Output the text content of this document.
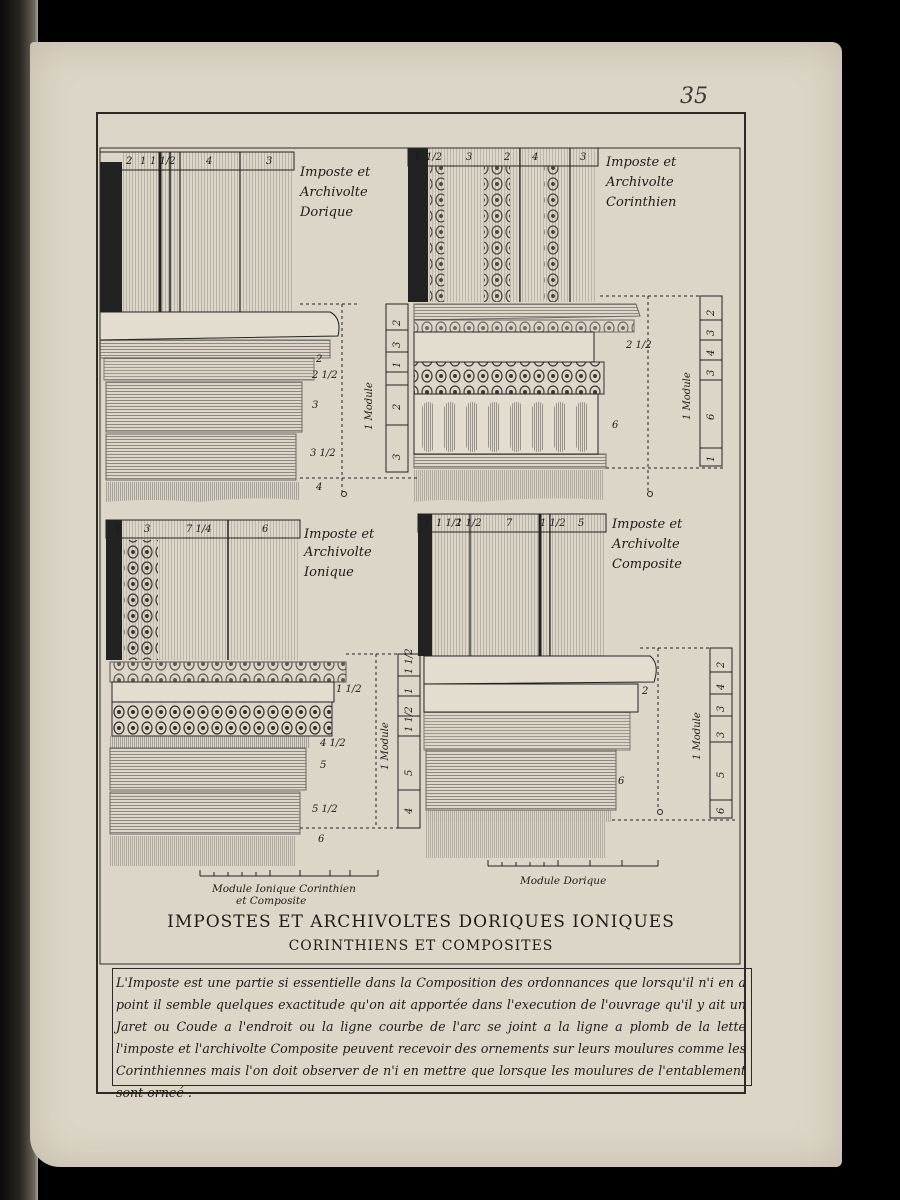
35
Imposte et
Archivolte
Dorique
Imposte et
Archivolte
Corinthien
Imposte et
Archivolte
Ionique
Imposte et
Archivolte
Composite
2 1 1 1/2	4	3	1 1/2 3	2 4	3
1 3	7 1/4	6
1 1 1/2
1 1/2 7	1 1/2 5
2
2 1/2
3
3 1/2
4
2 1/2
6
1 1/2
4 1/2
5
5 1/2
6
2
6
1 Module	1 Module
1 Module	1 Module
2
3
1
2
3
2
3
4
3
6
1
1 1/2
1
1 1/2
5
4
2
4
3
3
5
6
Module Ionique Corinthien
et Composite
Module Dorique
IMPOSTES ET ARCHIVOLTES DORIQUES IONIQUES
CORINTHIENS ET COMPOSITES
L'Imposte est une partie si essentielle dans la Composition des ordonnances que lorsqu'il n'i en a point il semble quelques exactitude qu'on ait apportée dans l'execution de l'ouvrage qu'il y ait un Jaret ou Coude a l'endroit ou la ligne courbe de l'arc se joint a la ligne a plomb de la lette l'imposte et l'archivolte Composite peuvent recevoir des ornements sur leurs moulures comme les Corinthiennes mais l'on doit observer de n'i en mettre que lorsque les moulures de l'entablement sont orneé .
